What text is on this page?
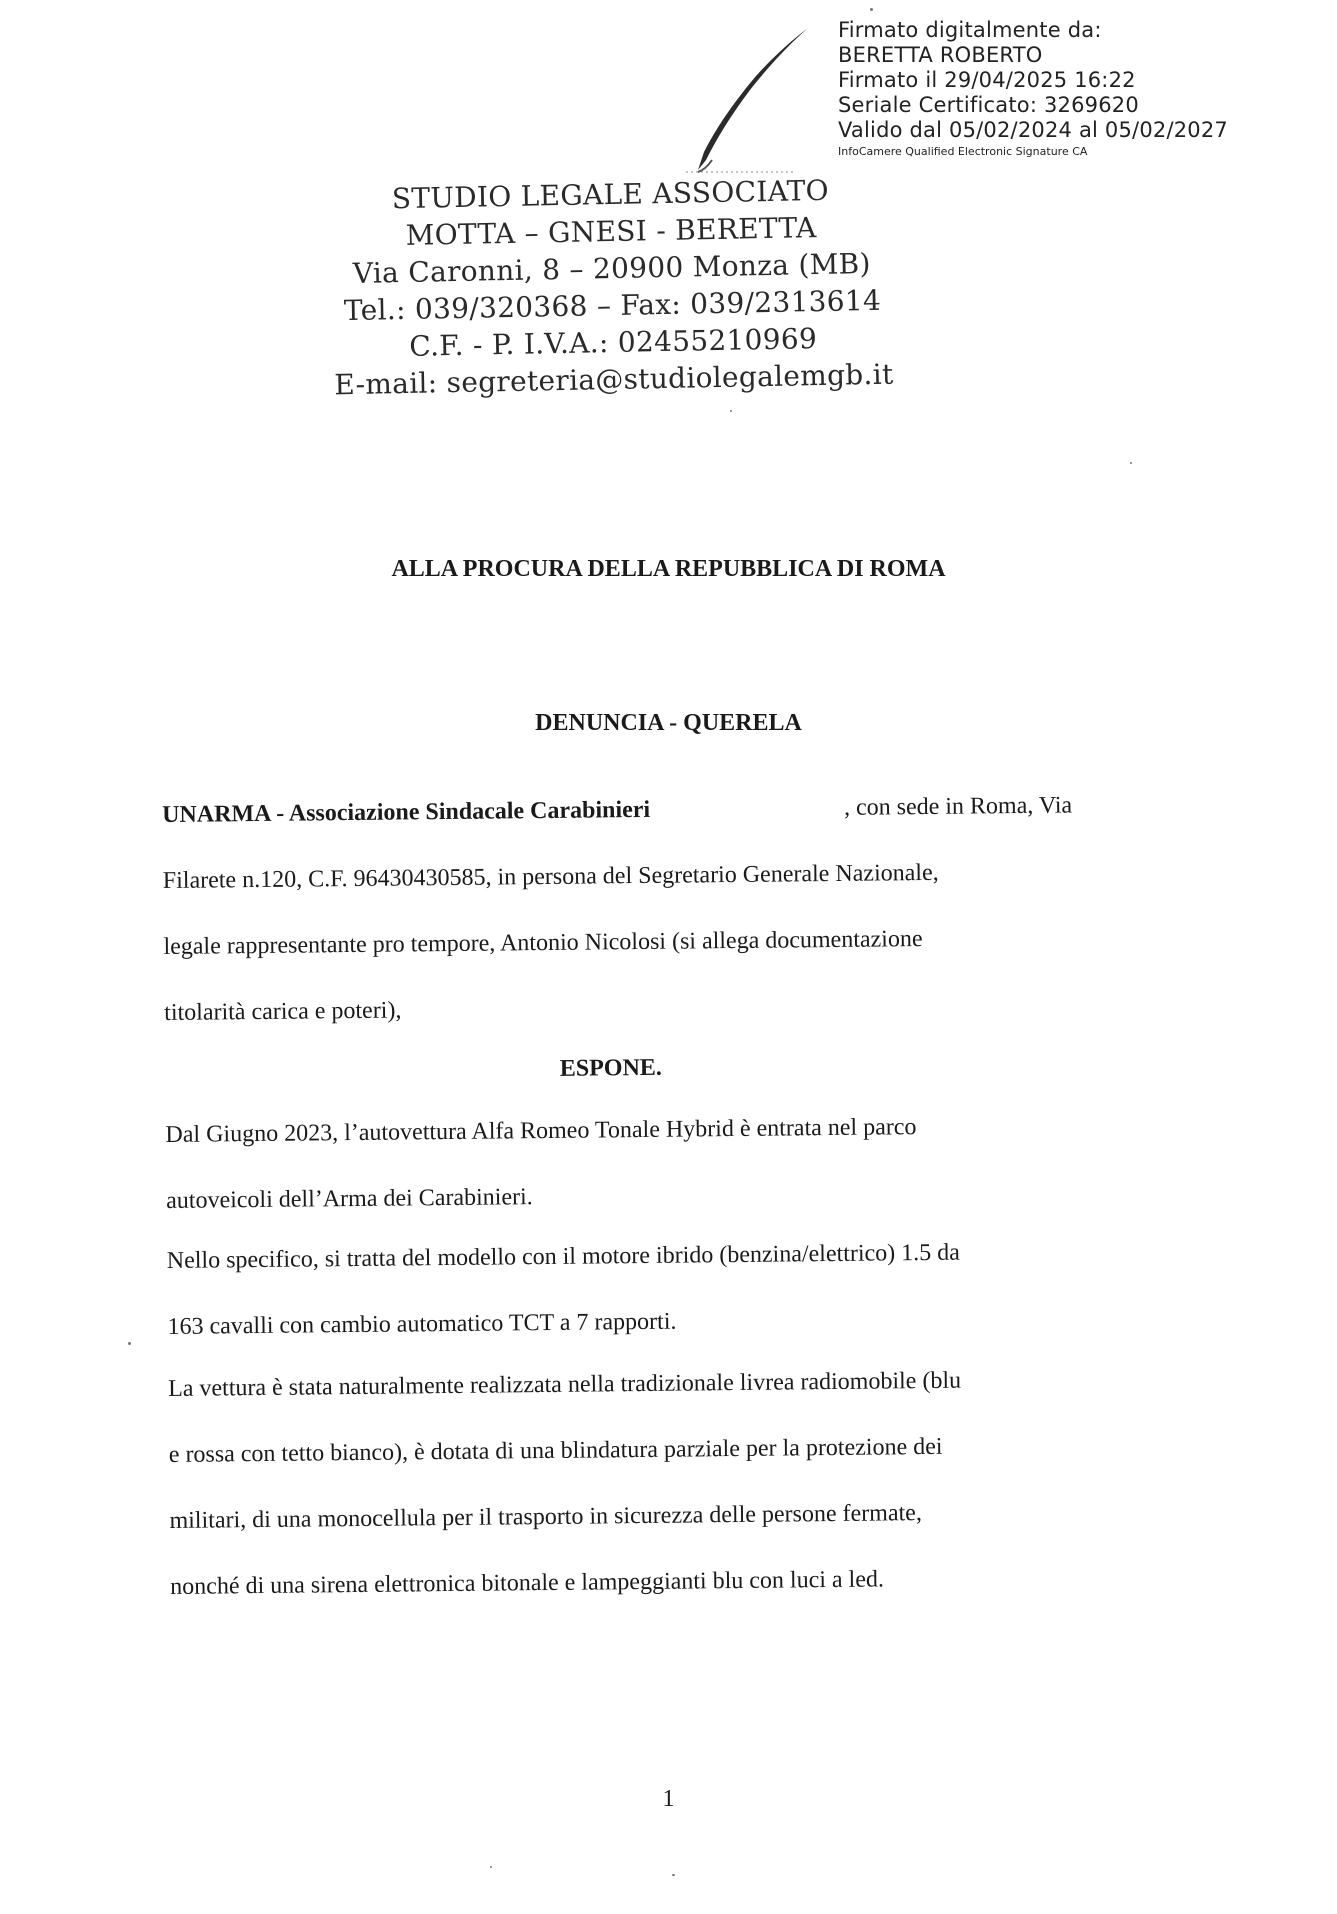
Firmato digitalmente da:
BERETTA ROBERTO
Firmato il 29/04/2025 16:22
Seriale Certificato: 3269620
Valido dal 05/02/2024 al 05/02/2027
InfoCamere Qualified Electronic Signature CA
STUDIO LEGALE ASSOCIATO
MOTTA – GNESI - BERETTA
Via Caronni, 8 – 20900 Monza (MB)
Tel.: 039/320368 – Fax: 039/2313614
C.F. - P. I.V.A.: 02455210969
E-mail: segreteria@studiolegalemgb.it
ALLA PROCURA DELLA REPUBBLICA DI ROMA
DENUNCIA - QUERELA
UNARMA - Associazione Sindacale Carabinieri	, con sede in Roma, Via
Filarete n.120, C.F. 96430430585, in persona del Segretario Generale Nazionale,
legale rappresentante pro tempore, Antonio Nicolosi (si allega documentazione
titolarità carica e poteri),
ESPONE.
Dal Giugno 2023, l’autovettura Alfa Romeo Tonale Hybrid è entrata nel parco
autoveicoli dell’Arma dei Carabinieri.
Nello specifico, si tratta del modello con il motore ibrido (benzina/elettrico) 1.5 da
163 cavalli con cambio automatico TCT a 7 rapporti.
La vettura è stata naturalmente realizzata nella tradizionale livrea radiomobile (blu
e rossa con tetto bianco), è dotata di una blindatura parziale per la protezione dei
militari, di una monocellula per il trasporto in sicurezza delle persone fermate,
nonché di una sirena elettronica bitonale e lampeggianti blu con luci a led.
1
